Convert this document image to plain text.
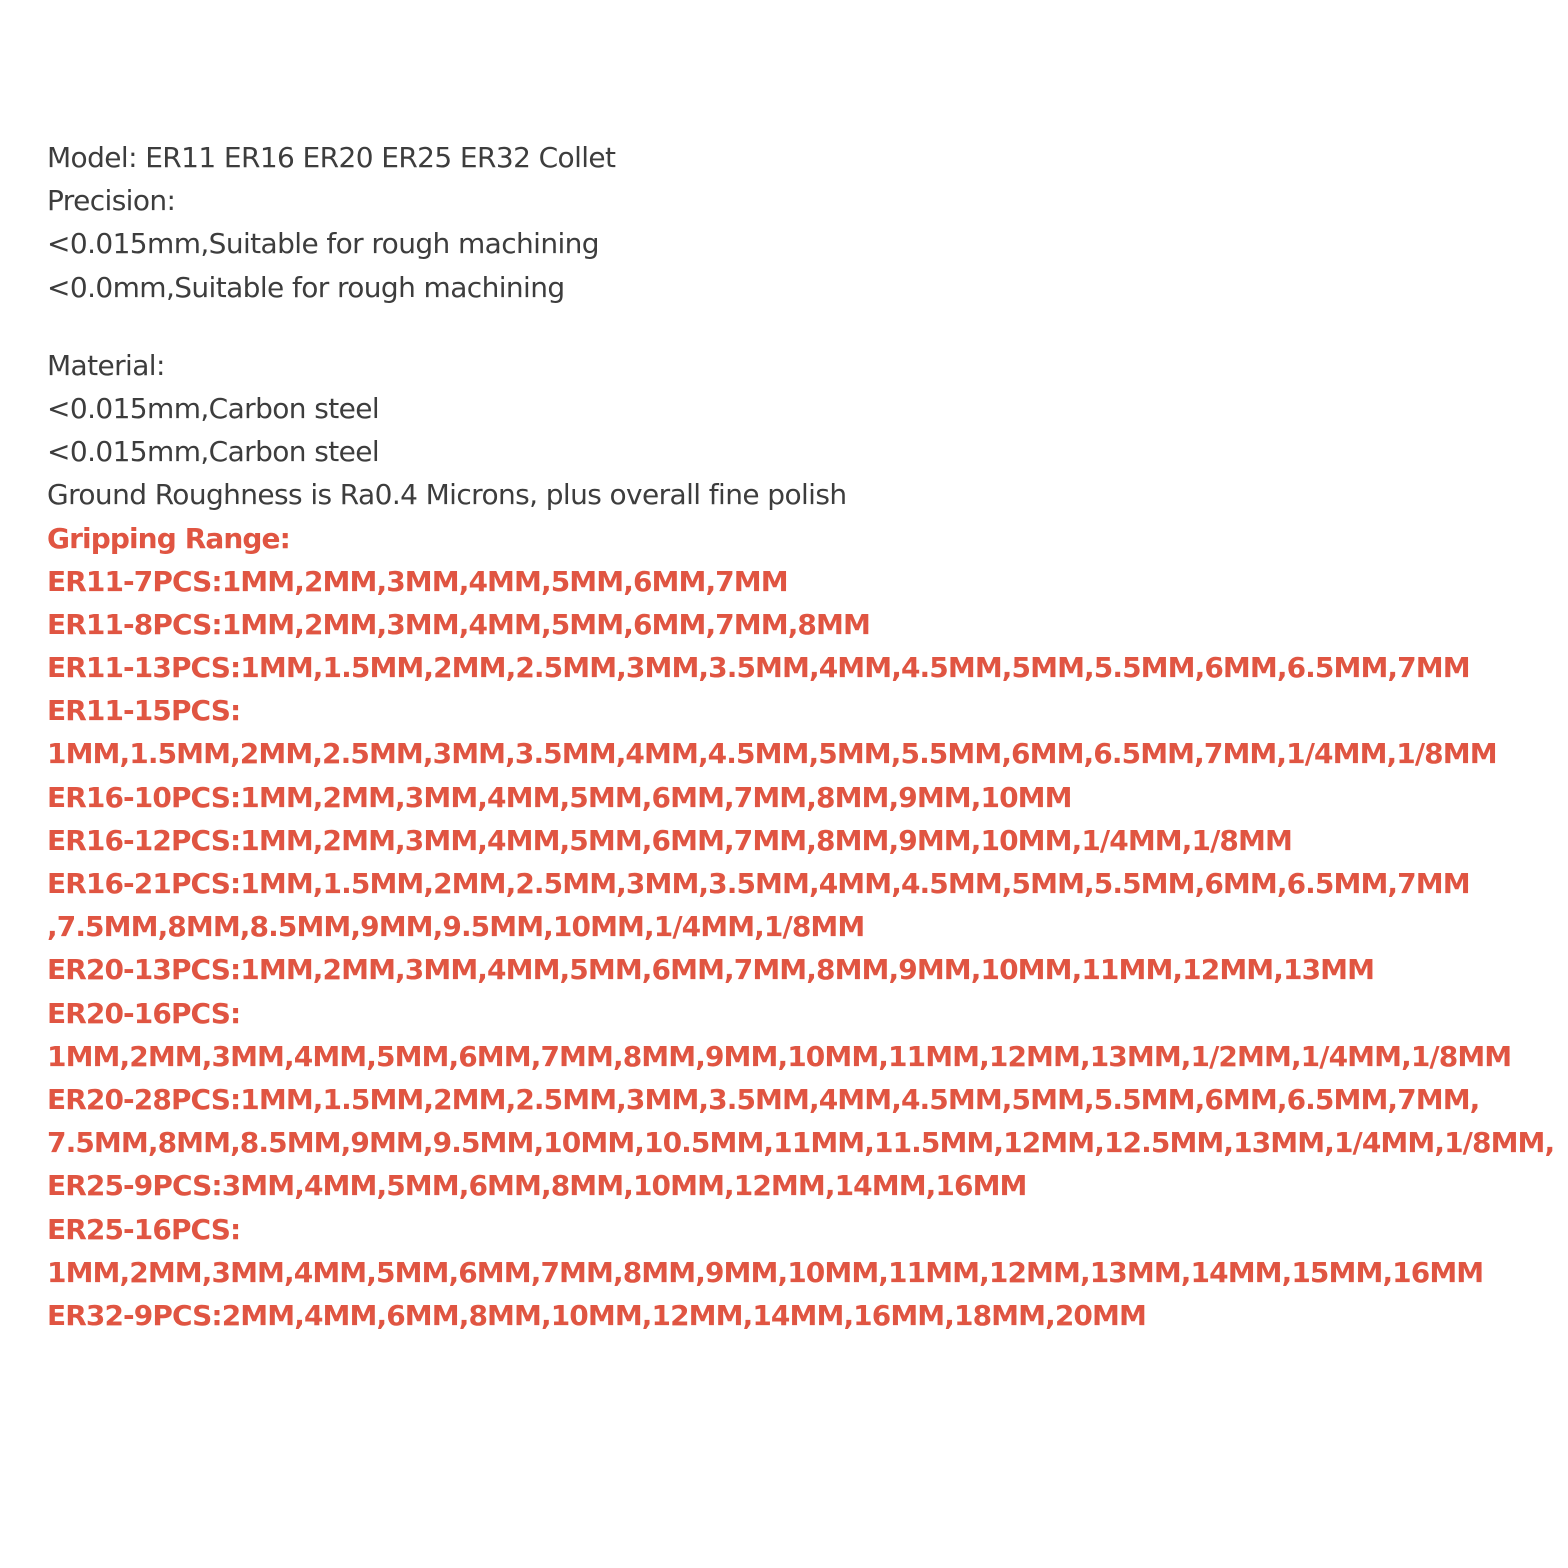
Model: ER11 ER16 ER20 ER25 ER32 Collet
Precision:
<0.015mm,Suitable for rough machining
<0.0mm,Suitable for rough machining
Material:
<0.015mm,Carbon steel
<0.015mm,Carbon steel
Ground Roughness is Ra0.4 Microns, plus overall fine polish
Gripping Range:
ER11-7PCS:1MM,2MM,3MM,4MM,5MM,6MM,7MM
ER11-8PCS:1MM,2MM,3MM,4MM,5MM,6MM,7MM,8MM
ER11-13PCS:1MM,1.5MM,2MM,2.5MM,3MM,3.5MM,4MM,4.5MM,5MM,5.5MM,6MM,6.5MM,7MM
ER11-15PCS:
1MM,1.5MM,2MM,2.5MM,3MM,3.5MM,4MM,4.5MM,5MM,5.5MM,6MM,6.5MM,7MM,1/4MM,1/8MM
ER16-10PCS:1MM,2MM,3MM,4MM,5MM,6MM,7MM,8MM,9MM,10MM
ER16-12PCS:1MM,2MM,3MM,4MM,5MM,6MM,7MM,8MM,9MM,10MM,1/4MM,1/8MM
ER16-21PCS:1MM,1.5MM,2MM,2.5MM,3MM,3.5MM,4MM,4.5MM,5MM,5.5MM,6MM,6.5MM,7MM
,7.5MM,8MM,8.5MM,9MM,9.5MM,10MM,1/4MM,1/8MM
ER20-13PCS:1MM,2MM,3MM,4MM,5MM,6MM,7MM,8MM,9MM,10MM,11MM,12MM,13MM
ER20-16PCS:
1MM,2MM,3MM,4MM,5MM,6MM,7MM,8MM,9MM,10MM,11MM,12MM,13MM,1/2MM,1/4MM,1/8MM
ER20-28PCS:1MM,1.5MM,2MM,2.5MM,3MM,3.5MM,4MM,4.5MM,5MM,5.5MM,6MM,6.5MM,7MM,
7.5MM,8MM,8.5MM,9MM,9.5MM,10MM,10.5MM,11MM,11.5MM,12MM,12.5MM,13MM,1/4MM,1/8MM,
ER25-9PCS:3MM,4MM,5MM,6MM,8MM,10MM,12MM,14MM,16MM
ER25-16PCS:
1MM,2MM,3MM,4MM,5MM,6MM,7MM,8MM,9MM,10MM,11MM,12MM,13MM,14MM,15MM,16MM
ER32-9PCS:2MM,4MM,6MM,8MM,10MM,12MM,14MM,16MM,18MM,20MM
